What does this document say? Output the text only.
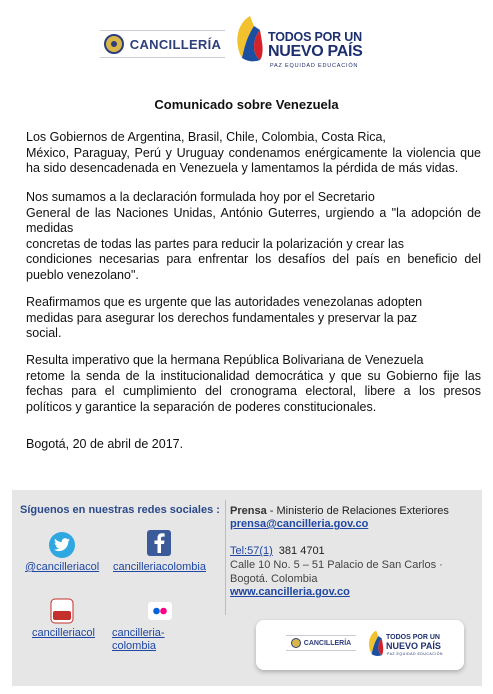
CANCILLERÍA	TODOS POR UN
NUEVO PAÍS
PAZ EQUIDAD EDUCACIÓN
Comunicado sobre Venezuela
Los Gobiernos de Argentina, Brasil, Chile, Colombia, Costa Rica,
México, Paraguay, Perú y Uruguay condenamos enérgicamente la violencia que
ha sido desencadenada en Venezuela y lamentamos la pérdida de más vidas.
Nos sumamos a la declaración formulada hoy por el Secretario
General de las Naciones Unidas, António Guterres, urgiendo a "la adopción de
medidas
concretas de todas las partes para reducir la polarización y crear las
condiciones necesarias para enfrentar los desafíos del país en beneficio del
pueblo venezolano".
Reafirmamos que es urgente que las autoridades venezolanas adopten
medidas para asegurar los derechos fundamentales y preservar la paz
social.
Resulta imperativo que la hermana República Bolivariana de Venezuela
retome la senda de la institucionalidad democrática y que su Gobierno fije las
fechas para el cumplimiento del cronograma electoral, libere a los presos
políticos y garantice la separación de poderes constitucionales.
Bogotá, 20 de abril de 2017.
Síguenos en nuestras redes sociales :
@cancilleriacol cancilleriacolombia
cancilleriacol cancilleria-
colombia
Prensa - Ministerio de Relaciones Exteriores
prensa@cancilleria.gov.co
Tel:57(1) 381 4701
Calle 10 No. 5 – 51 Palacio de San Carlos ·
Bogotá. Colombia
www.cancilleria.gov.co
CANCILLERÍA
TODOS POR UN
NUEVO PAÍS
PAZ EQUIDAD EDUCACIÓN
